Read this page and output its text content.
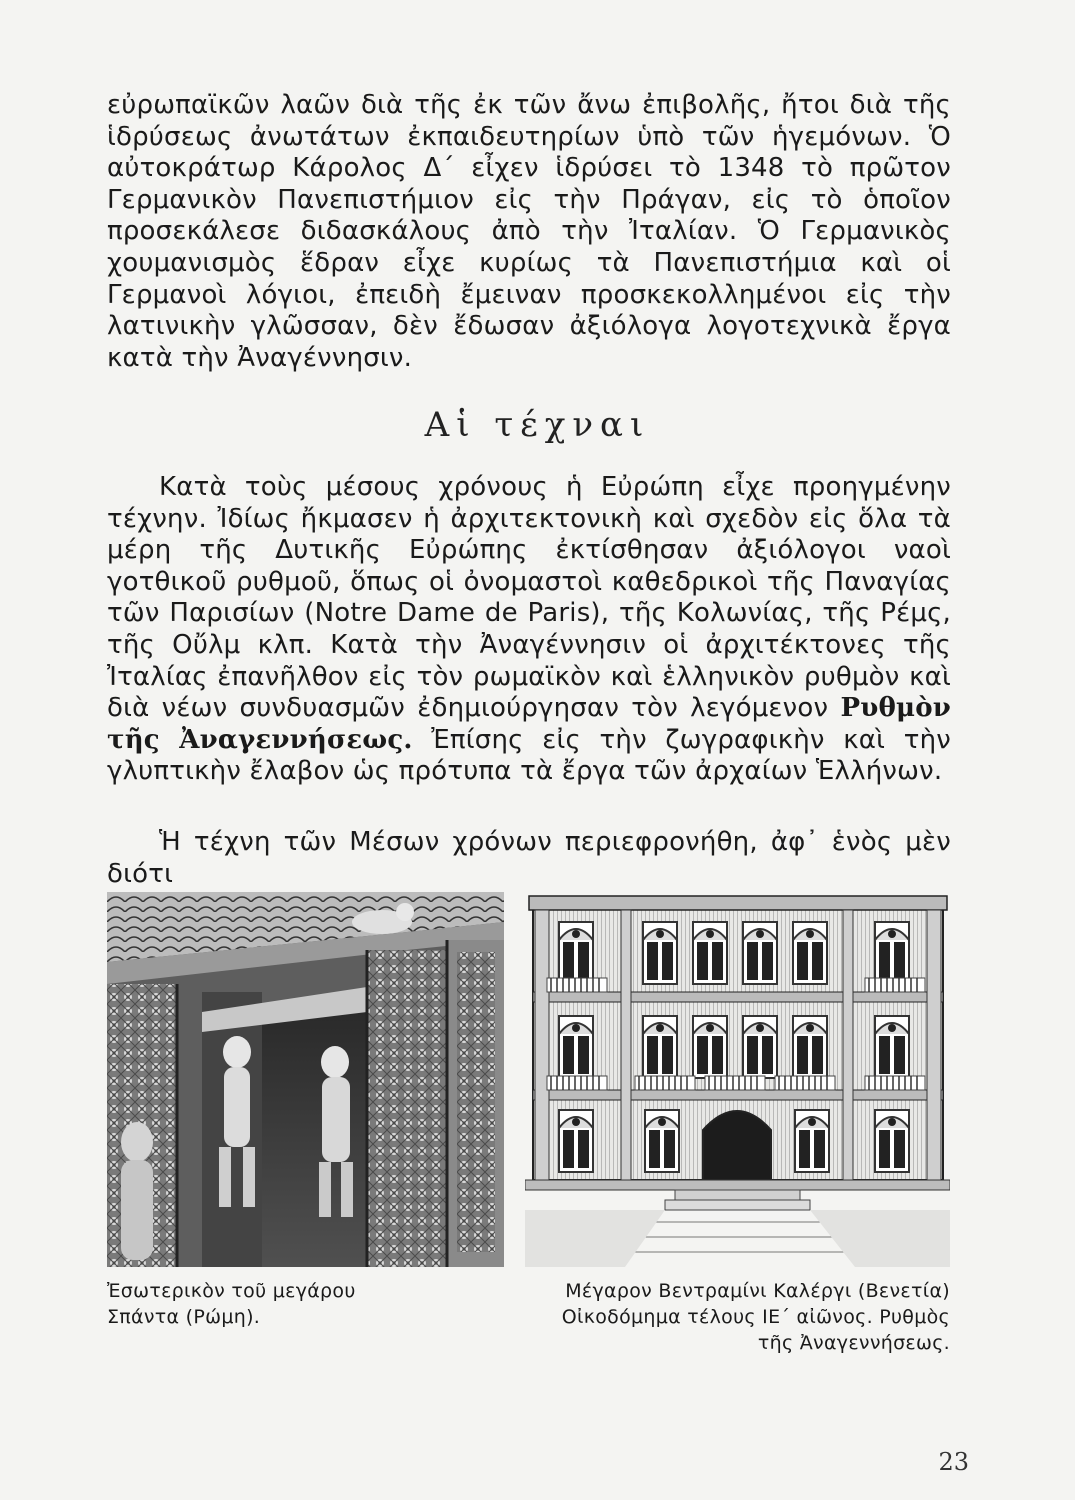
εὐρωπαϊκῶν λαῶν διὰ τῆς ἐκ τῶν ἄνω ἐπιβολῆς, ἤτοι διὰ τῆς ἱδρύσεως ἀνωτάτων ἐκπαιδευτηρίων ὑπὸ τῶν ἡγεμόνων. Ὁ αὐτοκράτωρ Κάρολος Δ΄ εἶχεν ἱδρύσει τὸ 1348 τὸ πρῶτον Γερμανικὸν Πανεπιστήμιον εἰς τὴν Πράγαν, εἰς τὸ ὁποῖον προσεκάλεσε διδασκάλους ἀπὸ τὴν Ἰταλίαν. Ὁ Γερμανικὸς χουμανισμὸς ἕδραν εἶχε κυρίως τὰ Πανεπιστήμια καὶ οἱ Γερμανοὶ λόγιοι, ἐπειδὴ ἔμειναν προσκεκολλημένοι εἰς τὴν λατινικὴν γλῶσσαν, δὲν ἔδωσαν ἀξιόλογα λογοτεχνικὰ ἔργα κατὰ τὴν Ἀναγέννησιν.

Αἱ τέχναι

Κατὰ τοὺς μέσους χρόνους ἡ Εὐρώπη εἶχε προηγμένην τέχνην. Ἰδίως ἤκμασεν ἡ ἀρχιτεκτονικὴ καὶ σχεδὸν εἰς ὅλα τὰ μέρη τῆς Δυτικῆς Εὐρώπης ἐκτίσθησαν ἀξιόλογοι ναοὶ γοτθικοῦ ρυθμοῦ, ὅπως οἱ ὀνομαστοὶ καθεδρικοὶ τῆς Παναγίας τῶν Παρισίων (Notre Dame de Paris), τῆς Κολωνίας, τῆς Ρέμς, τῆς Οὔλμ κλπ. Κατὰ τὴν Ἀναγέννησιν οἱ ἀρχιτέκτονες τῆς Ἰταλίας ἐπανῆλθον εἰς τὸν ρωμαϊκὸν καὶ ἑλληνικὸν ρυθμὸν καὶ διὰ νέων συνδυασμῶν ἐδημιούργησαν τὸν λεγόμενον Ρυθμὸν τῆς Ἀναγεννήσεως. Ἐπίσης εἰς τὴν ζωγραφικὴν καὶ τὴν γλυπτικὴν ἔλαβον ὡς πρότυπα τὰ ἔργα τῶν ἀρχαίων Ἑλλήνων.

Ἡ τέχνη τῶν Μέσων χρόνων περιεφρονήθη, ἀφ᾽ ἑνὸς μὲν διότι

Ἐσωτερικὸν τοῦ μεγάρου
Σπάντα (Ρώμη).
Μέγαρον Βεντραμίνι Καλέργι (Βενετία)
Οἰκοδόμημα τέλους ΙΕ΄ αἰῶνος. Ρυθμὸς
τῆς Ἀναγεννήσεως.
23
